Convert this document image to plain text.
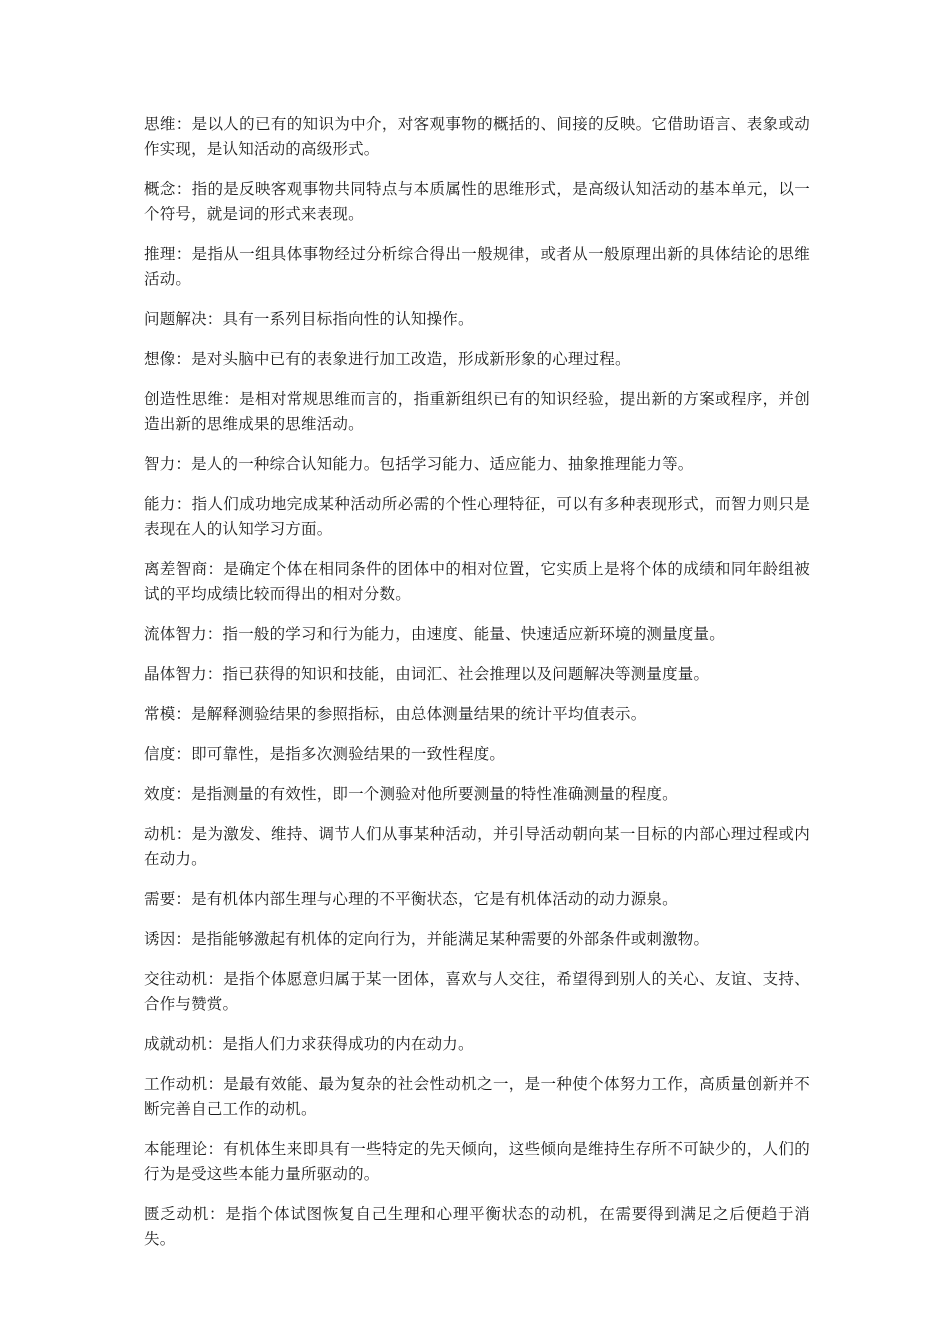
思维：是以人的已有的知识为中介，对客观事物的概括的、间接的反映。它借助语言、表象或动作实现，是认知活动的高级形式。

概念：指的是反映客观事物共同特点与本质属性的思维形式，是高级认知活动的基本单元，以一个符号，就是词的形式来表现。

推理：是指从一组具体事物经过分析综合得出一般规律，或者从一般原理出新的具体结论的思维活动。

问题解决：具有一系列目标指向性的认知操作。

想像：是对头脑中已有的表象进行加工改造，形成新形象的心理过程。

创造性思维：是相对常规思维而言的，指重新组织已有的知识经验，提出新的方案或程序，并创造出新的思维成果的思维活动。

智力：是人的一种综合认知能力。包括学习能力、适应能力、抽象推理能力等。

能力：指人们成功地完成某种活动所必需的个性心理特征，可以有多种表现形式，而智力则只是表现在人的认知学习方面。

离差智商：是确定个体在相同条件的团体中的相对位置，它实质上是将个体的成绩和同年龄组被试的平均成绩比较而得出的相对分数。

流体智力：指一般的学习和行为能力，由速度、能量、快速适应新环境的测量度量。

晶体智力：指已获得的知识和技能，由词汇、社会推理以及问题解决等测量度量。

常模：是解释测验结果的参照指标，由总体测量结果的统计平均值表示。

信度：即可靠性，是指多次测验结果的一致性程度。

效度：是指测量的有效性，即一个测验对他所要测量的特性准确测量的程度。

动机：是为激发、维持、调节人们从事某种活动，并引导活动朝向某一目标的内部心理过程或内在动力。

需要：是有机体内部生理与心理的不平衡状态，它是有机体活动的动力源泉。

诱因：是指能够激起有机体的定向行为，并能满足某种需要的外部条件或刺激物。

交往动机：是指个体愿意归属于某一团体，喜欢与人交往，希望得到别人的关心、友谊、支持、合作与赞赏。

成就动机：是指人们力求获得成功的内在动力。

工作动机：是最有效能、最为复杂的社会性动机之一，是一种使个体努力工作，高质量创新并不断完善自己工作的动机。

本能理论：有机体生来即具有一些特定的先天倾向，这些倾向是维持生存所不可缺少的，人们的行为是受这些本能力量所驱动的。

匮乏动机：是指个体试图恢复自己生理和心理平衡状态的动机，在需要得到满足之后便趋于消失。
